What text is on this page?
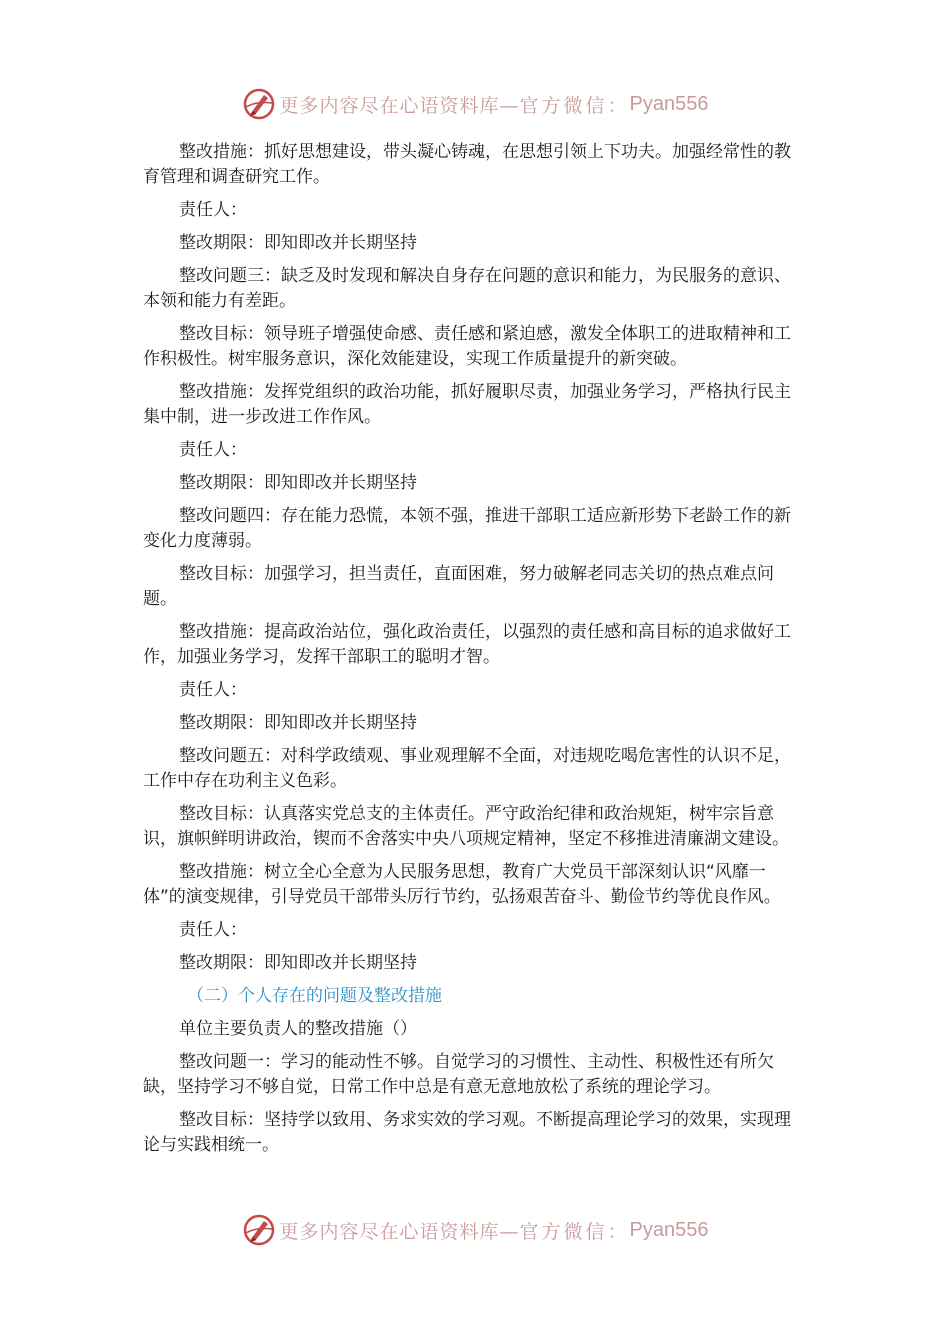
更多内容尽在心语资料库— 官方微信： Pyan556

整改措施：抓好思想建设，带头凝心铸魂，在思想引领上下功夫。加强经常性的教育管理和调查研究工作。

责任人：

整改期限：即知即改并长期坚持

整改问题三：缺乏及时发现和解决自身存在问题的意识和能力，为民服务的意识、本领和能力有差距。

整改目标：领导班子增强使命感、责任感和紧迫感，激发全体职工的进取精神和工作积极性。树牢服务意识，深化效能建设，实现工作质量提升的新突破。

整改措施：发挥党组织的政治功能，抓好履职尽责，加强业务学习，严格执行民主集中制，进一步改进工作作风。

责任人：

整改期限：即知即改并长期坚持

整改问题四：存在能力恐慌，本领不强，推进干部职工适应新形势下老龄工作的新变化力度薄弱。

整改目标：加强学习，担当责任，直面困难，努力破解老同志关切的热点难点问题。

整改措施：提高政治站位，强化政治责任，以强烈的责任感和高目标的追求做好工作，加强业务学习，发挥干部职工的聪明才智。

责任人：

整改期限：即知即改并长期坚持

整改问题五：对科学政绩观、事业观理解不全面，对违规吃喝危害性的认识不足，工作中存在功利主义色彩。

整改目标：认真落实党总支的主体责任。严守政治纪律和政治规矩，树牢宗旨意识，旗帜鲜明讲政治，锲而不舍落实中央八项规定精神，坚定不移推进清廉湖文建设。

整改措施：树立全心全意为人民服务思想，教育广大党员干部深刻认识“风靡一体”的演变规律，引导党员干部带头厉行节约，弘扬艰苦奋斗、勤俭节约等优良作风。

责任人：

整改期限：即知即改并长期坚持

（二）个人存在的问题及整改措施

单位主要负责人的整改措施（）

整改问题一：学习的能动性不够。自觉学习的习惯性、主动性、积极性还有所欠缺，坚持学习不够自觉，日常工作中总是有意无意地放松了系统的理论学习。

整改目标：坚持学以致用、务求实效的学习观。不断提高理论学习的效果，实现理论与实践相统一。

更多内容尽在心语资料库— 官方微信： Pyan556
